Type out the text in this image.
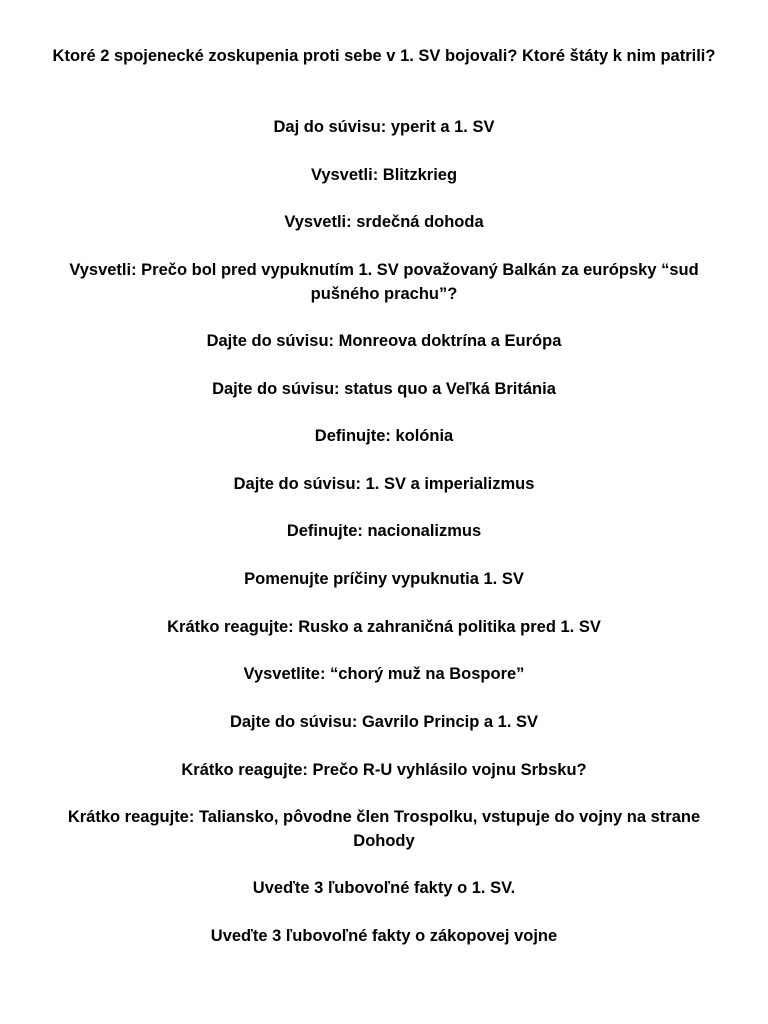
Ktoré 2 spojenecké zoskupenia proti sebe v 1. SV bojovali? Ktoré štáty k nim patrili?

Daj do súvisu: yperit a 1. SV

Vysvetli: Blitzkrieg

Vysvetli: srdečná dohoda

Vysvetli: Prečo bol pred vypuknutím 1. SV považovaný Balkán za európsky “sud pušného prachu”?

Dajte do súvisu: Monreova doktrína a Európa

Dajte do súvisu: status quo a Veľká Británia

Definujte: kolónia

Dajte do súvisu: 1. SV a imperializmus

Definujte: nacionalizmus

Pomenujte príčiny vypuknutia 1. SV

Krátko reagujte: Rusko a zahraničná politika pred 1. SV

Vysvetlite: “chorý muž na Bospore”

Dajte do súvisu: Gavrilo Princip a 1. SV

Krátko reagujte: Prečo R-U vyhlásilo vojnu Srbsku?

Krátko reagujte: Taliansko, pôvodne člen Trospolku, vstupuje do vojny na strane Dohody

Uveďte 3 ľubovoľné fakty o 1. SV.

Uveďte 3 ľubovoľné fakty o zákopovej vojne
